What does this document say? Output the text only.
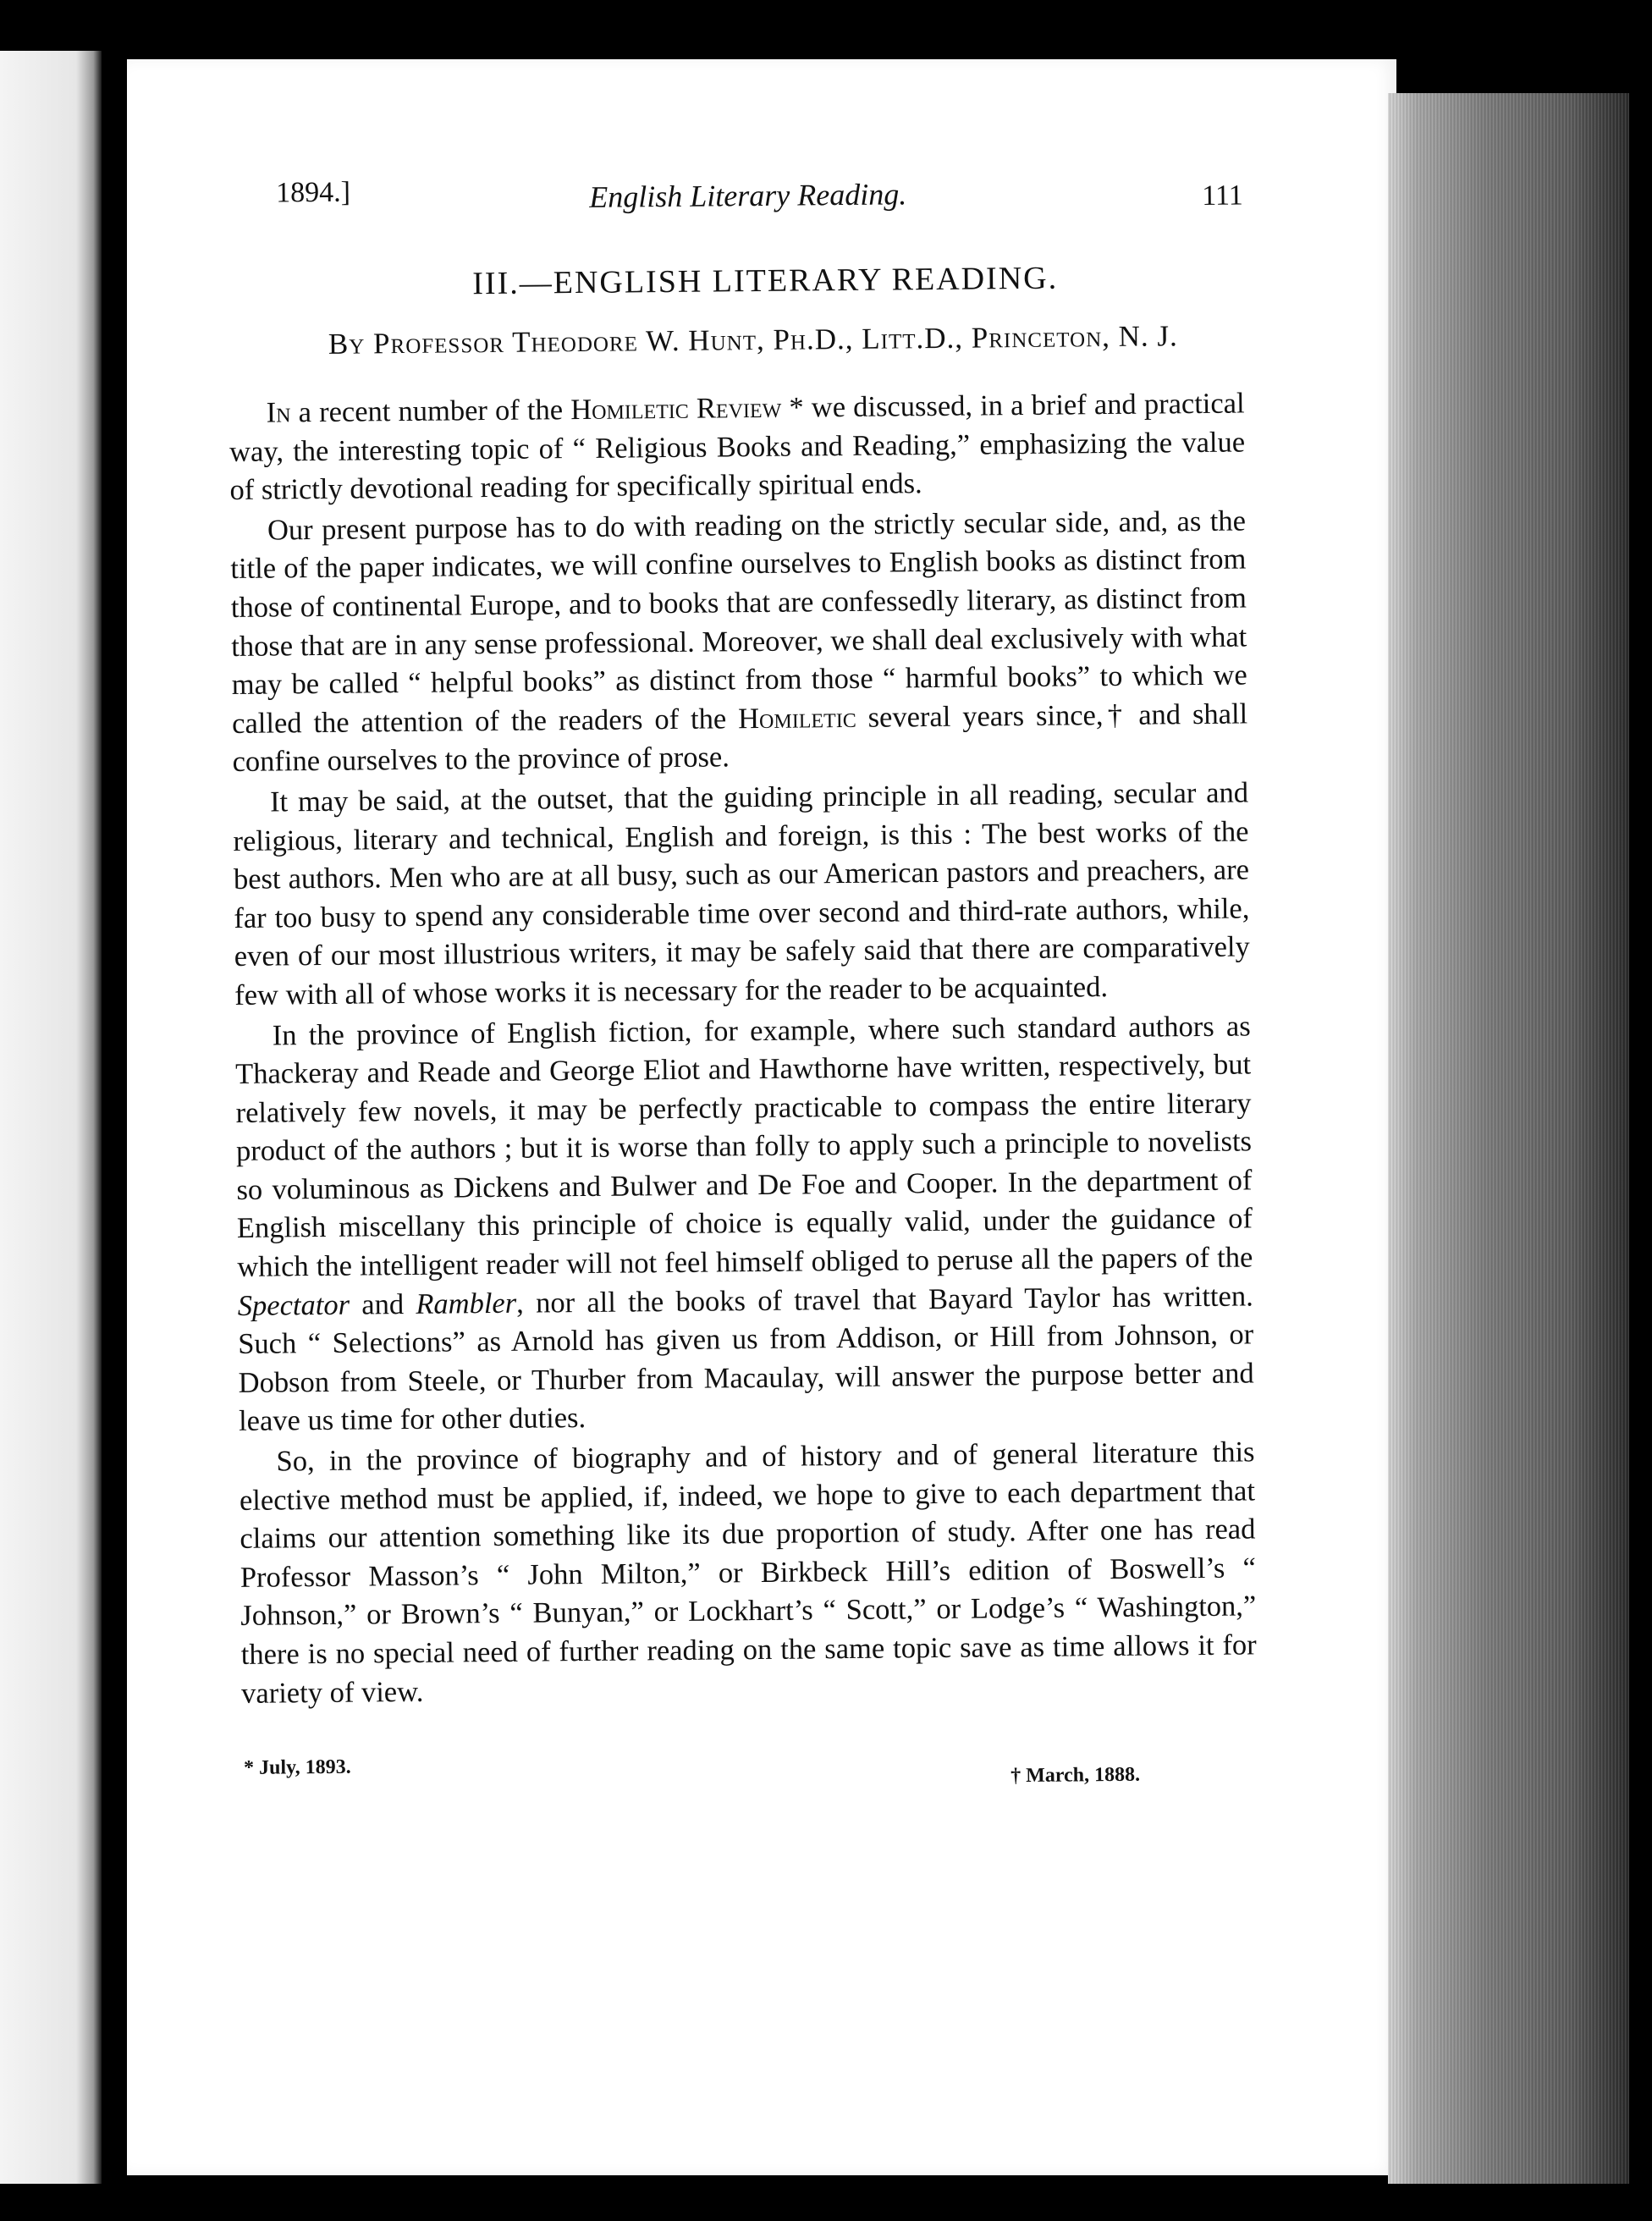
1894.]	English Literary Reading.	111
III.—ENGLISH LITERARY READING.
By Professor Theodore W. Hunt, Ph.D., Litt.D., Princeton, N. J.

In a recent number of the Homiletic Review * we discussed, in a brief and practical way, the interesting topic of “ Religious Books and Reading,” emphasizing the value of strictly devotional reading for specifically spiritual ends.

Our present purpose has to do with reading on the strictly secular side, and, as the title of the paper indicates, we will confine ourselves to English books as distinct from those of continental Europe, and to books that are confessedly literary, as distinct from those that are in any sense professional. Moreover, we shall deal exclusively with what may be called “ helpful books” as distinct from those “ harmful books” to which we called the attention of the readers of the Homiletic several years since,† and shall confine ourselves to the province of prose.

It may be said, at the outset, that the guiding principle in all reading, secular and religious, literary and technical, English and foreign, is this : The best works of the best authors. Men who are at all busy, such as our American pastors and preachers, are far too busy to spend any considerable time over second and third-rate authors, while, even of our most illustrious writers, it may be safely said that there are comparatively few with all of whose works it is necessary for the reader to be acquainted.

In the province of English fiction, for example, where such standard authors as Thackeray and Reade and George Eliot and Hawthorne have written, respectively, but relatively few novels, it may be perfectly practicable to compass the entire literary product of the authors ; but it is worse than folly to apply such a principle to novelists so voluminous as Dickens and Bulwer and De Foe and Cooper. In the department of English miscellany this principle of choice is equally valid, under the guidance of which the intelligent reader will not feel himself obliged to peruse all the papers of the Spectator and Rambler, nor all the books of travel that Bayard Taylor has written. Such “ Selections” as Arnold has given us from Addison, or Hill from Johnson, or Dobson from Steele, or Thurber from Macaulay, will answer the purpose better and leave us time for other duties.

So, in the province of biography and of history and of general literature this elective method must be applied, if, indeed, we hope to give to each department that claims our attention something like its due proportion of study. After one has read Professor Masson’s “ John Milton,” or Birkbeck Hill’s edition of Boswell’s “ Johnson,” or Brown’s “ Bunyan,” or Lockhart’s “ Scott,” or Lodge’s “ Washington,” there is no special need of further reading on the same topic save as time allows it for variety of view.

* July, 1893.	† March, 1888.
